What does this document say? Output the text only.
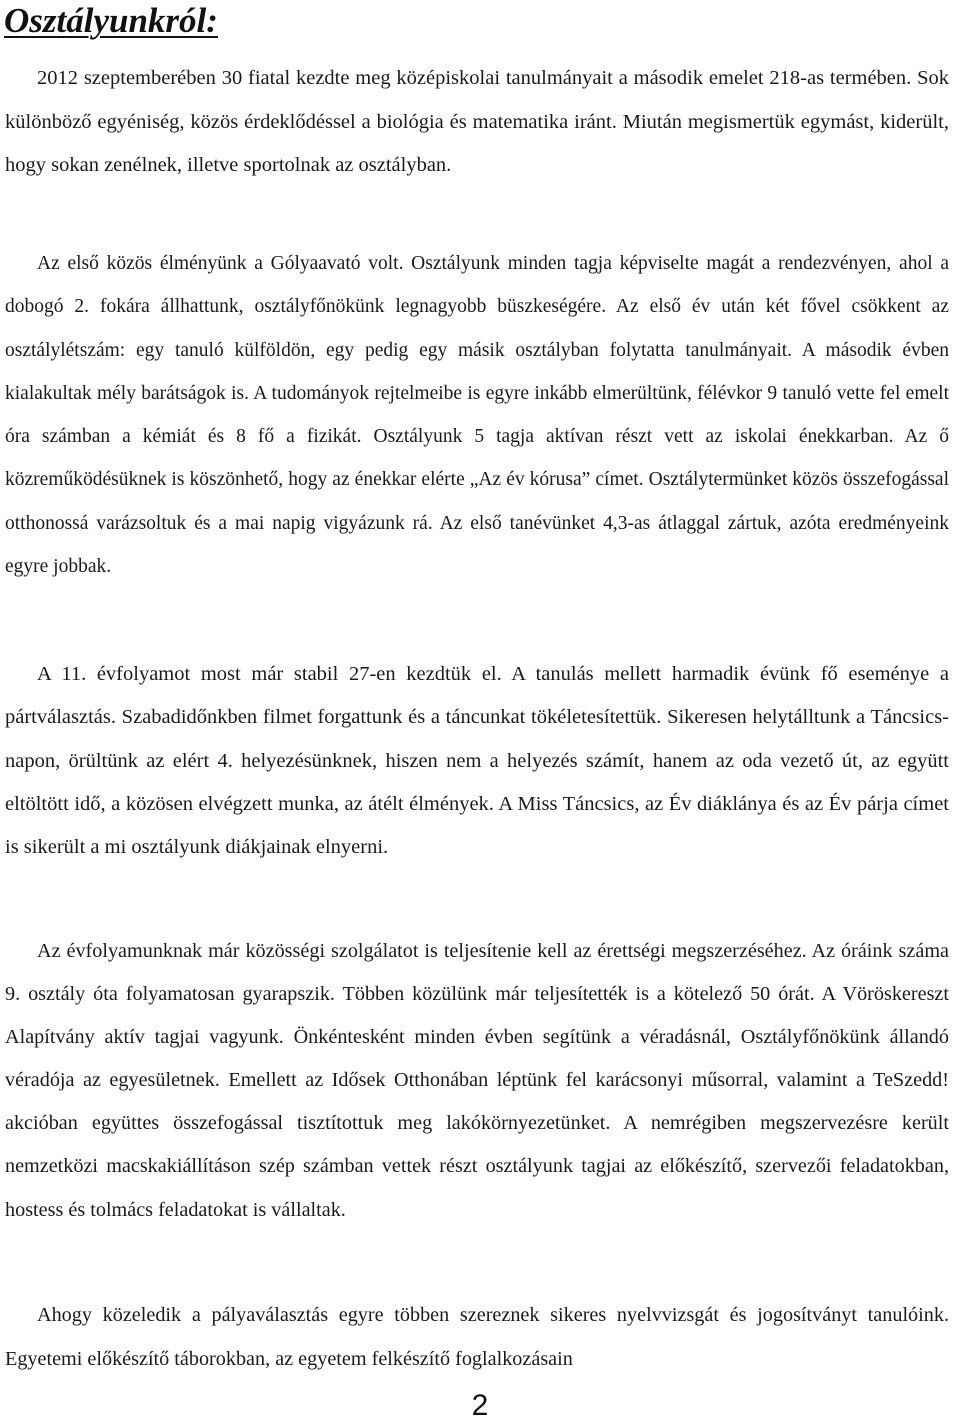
Osztályunkról:

2012 szeptemberében 30 fiatal kezdte meg középiskolai tanulmányait a második emelet 218-as termében. Sok különböző egyéniség, közös érdeklődéssel a biológia és matematika iránt. Miután megismertük egymást, kiderült, hogy sokan zenélnek, illetve sportolnak az osztályban.

Az első közös élményünk a Gólyaavató volt. Osztályunk minden tagja képviselte magát a rendezvényen, ahol a dobogó 2. fokára állhattunk, osztályfőnökünk legnagyobb büszkeségére. Az első év után két fővel csökkent az osztálylétszám: egy tanuló külföldön, egy pedig egy másik osztályban folytatta tanulmányait. A második évben kialakultak mély barátságok is. A tudományok rejtelmeibe is egyre inkább elmerültünk, félévkor 9 tanuló vette fel emelt óra számban a kémiát és 8 fő a fizikát. Osztályunk 5 tagja aktívan részt vett az iskolai énekkarban. Az ő közreműködésüknek is köszönhető, hogy az énekkar elérte „Az év kórusa” címet. Osztálytermünket közös összefogással otthonossá varázsoltuk és a mai napig vigyázunk rá. Az első tanévünket 4,3-as átlaggal zártuk, azóta eredményeink egyre jobbak.

A 11. évfolyamot most már stabil 27-en kezdtük el. A tanulás mellett harmadik évünk fő eseménye a pártválasztás. Szabadidőnkben filmet forgattunk és a táncunkat tökéletesítettük. Sikeresen helytálltunk a Táncsics- napon, örültünk az elért 4. helyezésünknek, hiszen nem a helyezés számít, hanem az oda vezető út, az együtt eltöltött idő, a közösen elvégzett munka, az átélt élmények. A Miss Táncsics, az Év diáklánya és az Év párja címet is sikerült a mi osztályunk diákjainak elnyerni.

Az évfolyamunknak már közösségi szolgálatot is teljesítenie kell az érettségi megszerzéséhez. Az óráink száma 9. osztály óta folyamatosan gyarapszik. Többen közülünk már teljesítették is a kötelező 50 órát. A Vöröskereszt Alapítvány aktív tagjai vagyunk. Önkéntesként minden évben segítünk a véradásnál, Osztályfőnökünk állandó véradója az egyesületnek. Emellett az Idősek Otthonában léptünk fel karácsonyi műsorral, valamint a TeSzedd! akcióban együttes összefogással tisztítottuk meg lakókörnyezetünket. A nemrégiben megszervezésre került nemzetközi macskakiállításon szép számban vettek részt osztályunk tagjai az előkészítő, szervezői feladatokban, hostess és tolmács feladatokat is vállaltak.

Ahogy közeledik a pályaválasztás egyre többen szereznek sikeres nyelvvizsgát és jogosítványt tanulóink. Egyetemi előkészítő táborokban, az egyetem felkészítő foglalkozásain

2
